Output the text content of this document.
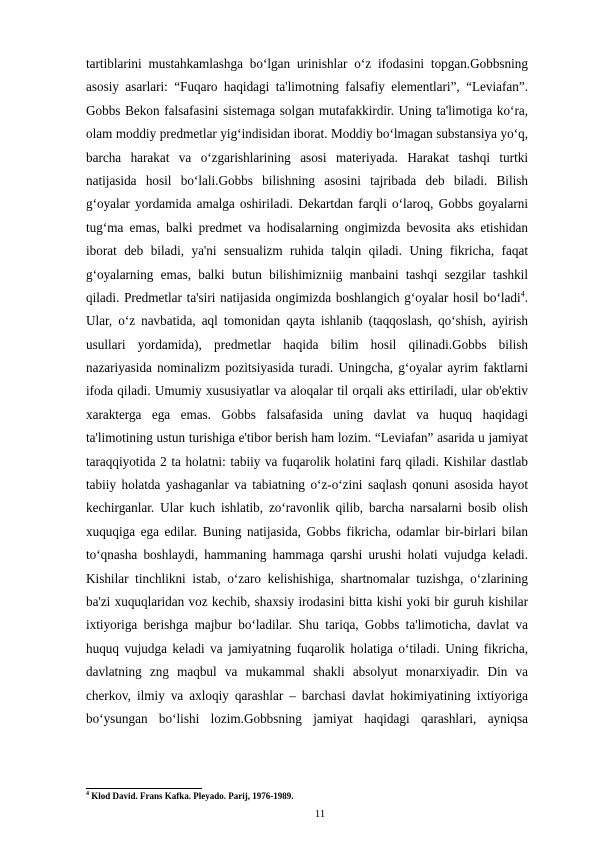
tartiblarini mustahkamlashga bo‘lgan urinishlar o‘z ifodasini topgan.Gobbsning
asosiy asarlari: “Fuqaro haqidagi ta'limotning falsafiy elementlari”, “Leviafan”.
Gobbs Bekon falsafasini sistemaga solgan mutafakkirdir. Uning ta'limotiga ko‘ra,
olam moddiy predmetlar yig‘indisidan iborat. Moddiy bo‘lmagan substansiya yo‘q,
barcha harakat va o‘zgarishlarining asosi materiyada. Harakat tashqi turtki
natijasida hosil bo‘lali.Gobbs bilishning asosini tajribada deb biladi. Bilish
g‘oyalar yordamida amalga oshiriladi. Dekartdan farqli o‘laroq, Gobbs goyalarni
tug‘ma emas, balki predmet va hodisalarning ongimizda bevosita aks etishidan
iborat deb biladi, ya'ni sensualizm ruhida talqin qiladi. Uning fikricha, faqat
g‘oyalarning emas, balki butun bilishimizniig manbaini tashqi sezgilar tashkil
qiladi. Predmetlar ta'siri natijasida ongimizda boshlangich g‘oyalar hosil bo‘ladi$^4$.
Ular, o‘z navbatida, aql tomonidan qayta ishlanib (taqqoslash, qo‘shish, ayirish
usullari yordamida), predmetlar haqida bilim hosil qilinadi.Gobbs bilish
nazariyasida nominalizm pozitsiyasida turadi. Uningcha, g‘oyalar ayrim faktlarni
ifoda qiladi. Umumiy xususiyatlar va aloqalar til orqali aks ettiriladi, ular ob'ektiv
xarakterga ega emas. Gobbs falsafasida uning davlat va huquq haqidagi
ta'limotining ustun turishiga e'tibor berish ham lozim. “Leviafan” asarida u jamiyat
taraqqiyotida 2 ta holatni: tabiiy va fuqarolik holatini farq qiladi. Kishilar dastlab
tabiiy holatda yashaganlar va tabiatning o‘z-o‘zini saqlash qonuni asosida hayot
kechirganlar. Ular kuch ishlatib, zo‘ravonlik qilib, barcha narsalarni bosib olish
xuquqiga ega edilar. Buning natijasida, Gobbs fikricha, odamlar bir-birlari bilan
to‘qnasha boshlaydi, hammaning hammaga qarshi urushi holati vujudga keladi.
Kishilar tinchlikni istab, o‘zaro kelishishiga, shartnomalar tuzishga, o‘zlarining
ba'zi xuquqlaridan voz kechib, shaxsiy irodasini bitta kishi yoki bir guruh kishilar
ixtiyoriga berishga majbur bo‘ladilar. Shu tariqa, Gobbs ta'limoticha, davlat va
huquq vujudga keladi va jamiyatning fuqarolik holatiga o‘tiladi. Uning fikricha,
davlatning zng maqbul va mukammal shakli absolyut monarxiyadir. Din va
cherkov, ilmiy va axloqiy qarashlar – barchasi davlat hokimiyatining ixtiyoriga
bo‘ysungan bo‘lishi lozim.Gobbsning jamiyat haqidagi qarashlari, ayniqsa
$^4$ Klod David. Frans Kafka. Pleyado. Parij, 1976-1989.
11
